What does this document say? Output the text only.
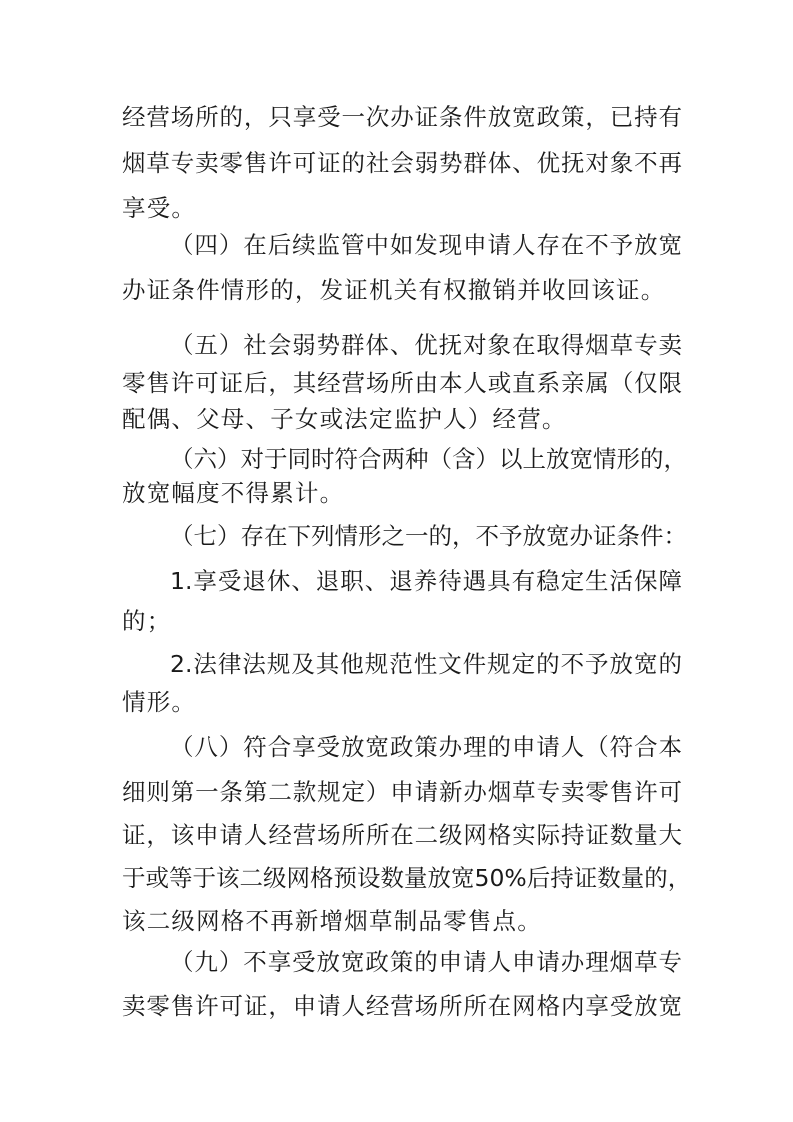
经营场所的，只享受一次办证条件放宽政策，已持有
烟草专卖零售许可证的社会弱势群体、优抚对象不再
享受。
（四）在后续监管中如发现申请人存在不予放宽
办证条件情形的，发证机关有权撤销并收回该证。
（五）社会弱势群体、优抚对象在取得烟草专卖
零售许可证后，其经营场所由本人或直系亲属（仅限
配偶、父母、子女或法定监护人）经营。
（六）对于同时符合两种（含）以上放宽情形的，
放宽幅度不得累计。
（七）存在下列情形之一的，不予放宽办证条件：
1.享受退休、退职、退养待遇具有稳定生活保障
的；
2.法律法规及其他规范性文件规定的不予放宽的
情形。
（八）符合享受放宽政策办理的申请人（符合本
细则第一条第二款规定）申请新办烟草专卖零售许可
证，该申请人经营场所所在二级网格实际持证数量大
于或等于该二级网格预设数量放宽50%后持证数量的，
该二级网格不再新增烟草制品零售点。
（九）不享受放宽政策的申请人申请办理烟草专
卖零售许可证，申请人经营场所所在网格内享受放宽
